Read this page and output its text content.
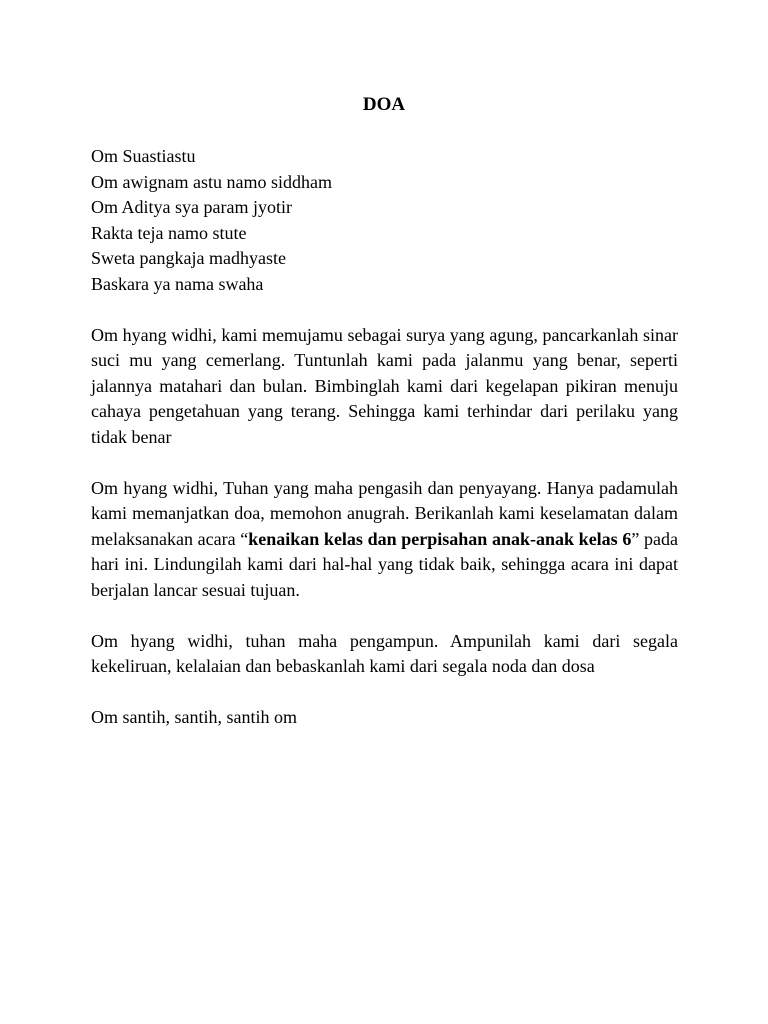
DOA

Om Suastiastu
Om awignam astu namo siddham
Om Aditya sya param jyotir
Rakta teja namo stute
Sweta pangkaja madhyaste
Baskara ya nama swaha

Om hyang widhi, kami memujamu sebagai surya yang agung, pancarkanlah sinar suci mu yang cemerlang. Tuntunlah kami pada jalanmu yang benar, seperti jalannya matahari dan bulan. Bimbinglah kami dari kegelapan pikiran menuju cahaya pengetahuan yang terang. Sehingga kami terhindar dari perilaku yang tidak benar

Om hyang widhi, Tuhan yang maha pengasih dan penyayang. Hanya padamulah kami memanjatkan doa, memohon anugrah. Berikanlah kami keselamatan dalam melaksanakan acara “kenaikan kelas dan perpisahan anak-anak kelas 6” pada hari ini. Lindungilah kami dari hal-hal yang tidak baik, sehingga acara ini dapat berjalan lancar sesuai tujuan.

Om hyang widhi, tuhan maha pengampun. Ampunilah kami dari segala kekeliruan, kelalaian dan bebaskanlah kami dari segala noda dan dosa

Om santih, santih, santih om
